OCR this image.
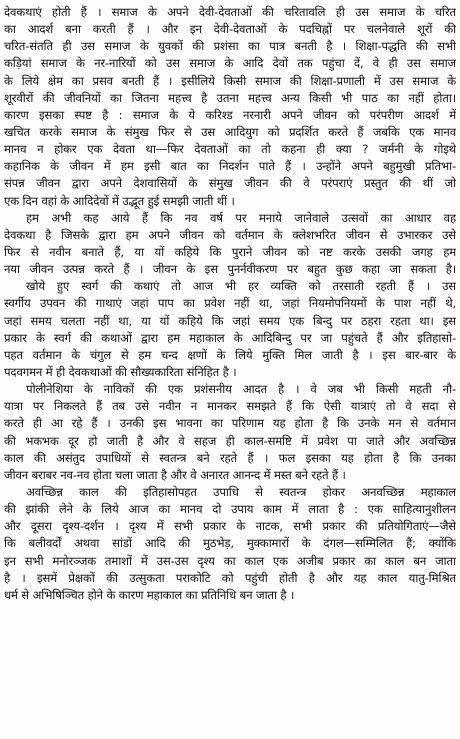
देवकथाएं होती हैं । समाज के अपने देवी-देवताओं की चरितावलि ही उस समाज के चरित
का आदर्श बना करती हैं । और इन देवी-देवताओं के पदचिह्नों पर चलनेवाले शूरों की
चरित-संतति ही उस समाज के युवकों की प्रशंसा का पात्र बनती है । शिक्षा-पद्धति की सभी
कड़ियां समाज के नर-नारियों को उस समाज के आदि देवों तक पहुंचा दें, वे ही उस समाज
के लिये क्षेम का प्रसव बनती हैं । इसीलिये किसी समाज की शिक्षा-प्रणाली में उस समाज के
शूरवीरों की जीवनियों का जितना महत्त्व है उतना महत्त्व अन्य किसी भी पाठ का नहीं होता।
कारण इसका स्पष्ट है : समाज के ये करिश्ड नरनारी अपने जीवन को परंपरीण आदर्श में
खचित करके समाज के संमुख फिर से उस आदियुग को प्रदर्शित करते हैं जबकि एक मानव
मानव न होकर एक देवता था—फिर देवताओं का तो कहना ही क्या ? जर्मनी के गोइथे
कहानिक के जीवन में हम इसी बात का निदर्शन पाते हैं । उन्होंने अपने बहुमुखी प्रतिभा-
संपन्न जीवन द्वारा अपने देशवासियों के संमुख जीवन की वे परंपराएं प्रस्तुत की थीं जो
एक दिन वहां के आदिदेवों में उद्भूत हुई समझी जाती थीं ।
हम अभी कह आये हैं कि नव वर्ष पर मनाये जानेवाले उत्सवों का आधार वह
देवकथा है जिसके द्वारा हम अपने जीवन को वर्तमान के क्लेशभरित जीवन से उभारकर उसे
फिर से नवीन बनाते हैं, या यों कहिये कि पुराने जीवन को नष्ट करके उसकी जगह हम
नया जीवन उत्पन्न करते हैं । जीवन के इस पुनर्नवीकरण पर बहुत कुछ कहा जा सकता है।
खोये हुए स्वर्ग की कथाएं तो आज भी हर व्यक्ति को तरसाती रहती हैं । उस
स्वर्गीय उपवन की गाथाएं जहां पाप का प्रवेश नहीं था, जहां नियमोपनियमों के पाश नहीं थे,
जहां समय चलता नहीं था, या यों कहिये कि जहां समय एक बिन्दु पर ठहरा रहता था। इस
प्रकार के स्वर्ग की कथाओं द्वारा हम महाकाल के आदिबिन्दु पर जा पहुंचते हैं और इतिहासो-
पहत वर्तमान के चंगुल से हम चन्द क्षणों के लिये मुक्ति मिल जाती है । इस बार-बार के
पदवगमन में ही देवकथाओं की सौख्यकारिता संनिहित है ।
पोलीनेशिया के नाविकों की एक प्रशंसनीय आदत है । वे जब भी किसी महती नौ-
यात्रा पर निकलते हैं तब उसे नवीन न मानकर समझते हैं कि ऐसी यात्राएं तो वे सदा से
करते ही आ रहे हैं । उनकी इस भावना का परिणाम यह होता है कि उनके मन से वर्तमान
की भकभक दूर हो जाती है और वे सहज ही काल-समष्टि में प्रवेश पा जाते और अवच्छिन्न
काल की असंतुद उपाधियों से स्वतन्त्र बने रहते हैं । फल इसका यह होता है कि उनका
जीवन बराबर नव-नव होता चला जाता है और वे अनारत आनन्द में मस्त बने रहते हैं ।
अवच्छिन्न काल की इतिहासोपहत उपाधि से स्वतन्त्र होकर अनवच्छिन्न महाकाल
की झांकी लेने के लिये आज का मानव दो उपाय काम में लाता है : एक साहित्यानुशीलन
और दूसरा दृश्य-दर्शन । दृश्य में सभी प्रकार के नाटक, सभी प्रकार की प्रतियोगिताएं—जैसे
कि बलीवर्दों अथवा सांडों आदि की मुठभेड़, मुक्कामारों के दंगल—सम्मिलित हैं; क्योंकि
इन सभी मनोरञ्जक तमाशों में उस-उस दृश्य का काल एक अजीब प्रकार का काल बन जाता
है । इसमें प्रेक्षकों की उत्सुकता पराकोटि को पहुंची होती है और यह काल यातु-मिश्रित
धर्म से अभिषिञ्चित होने के कारण महाकाल का प्रतिनिधि बन जाता है ।
